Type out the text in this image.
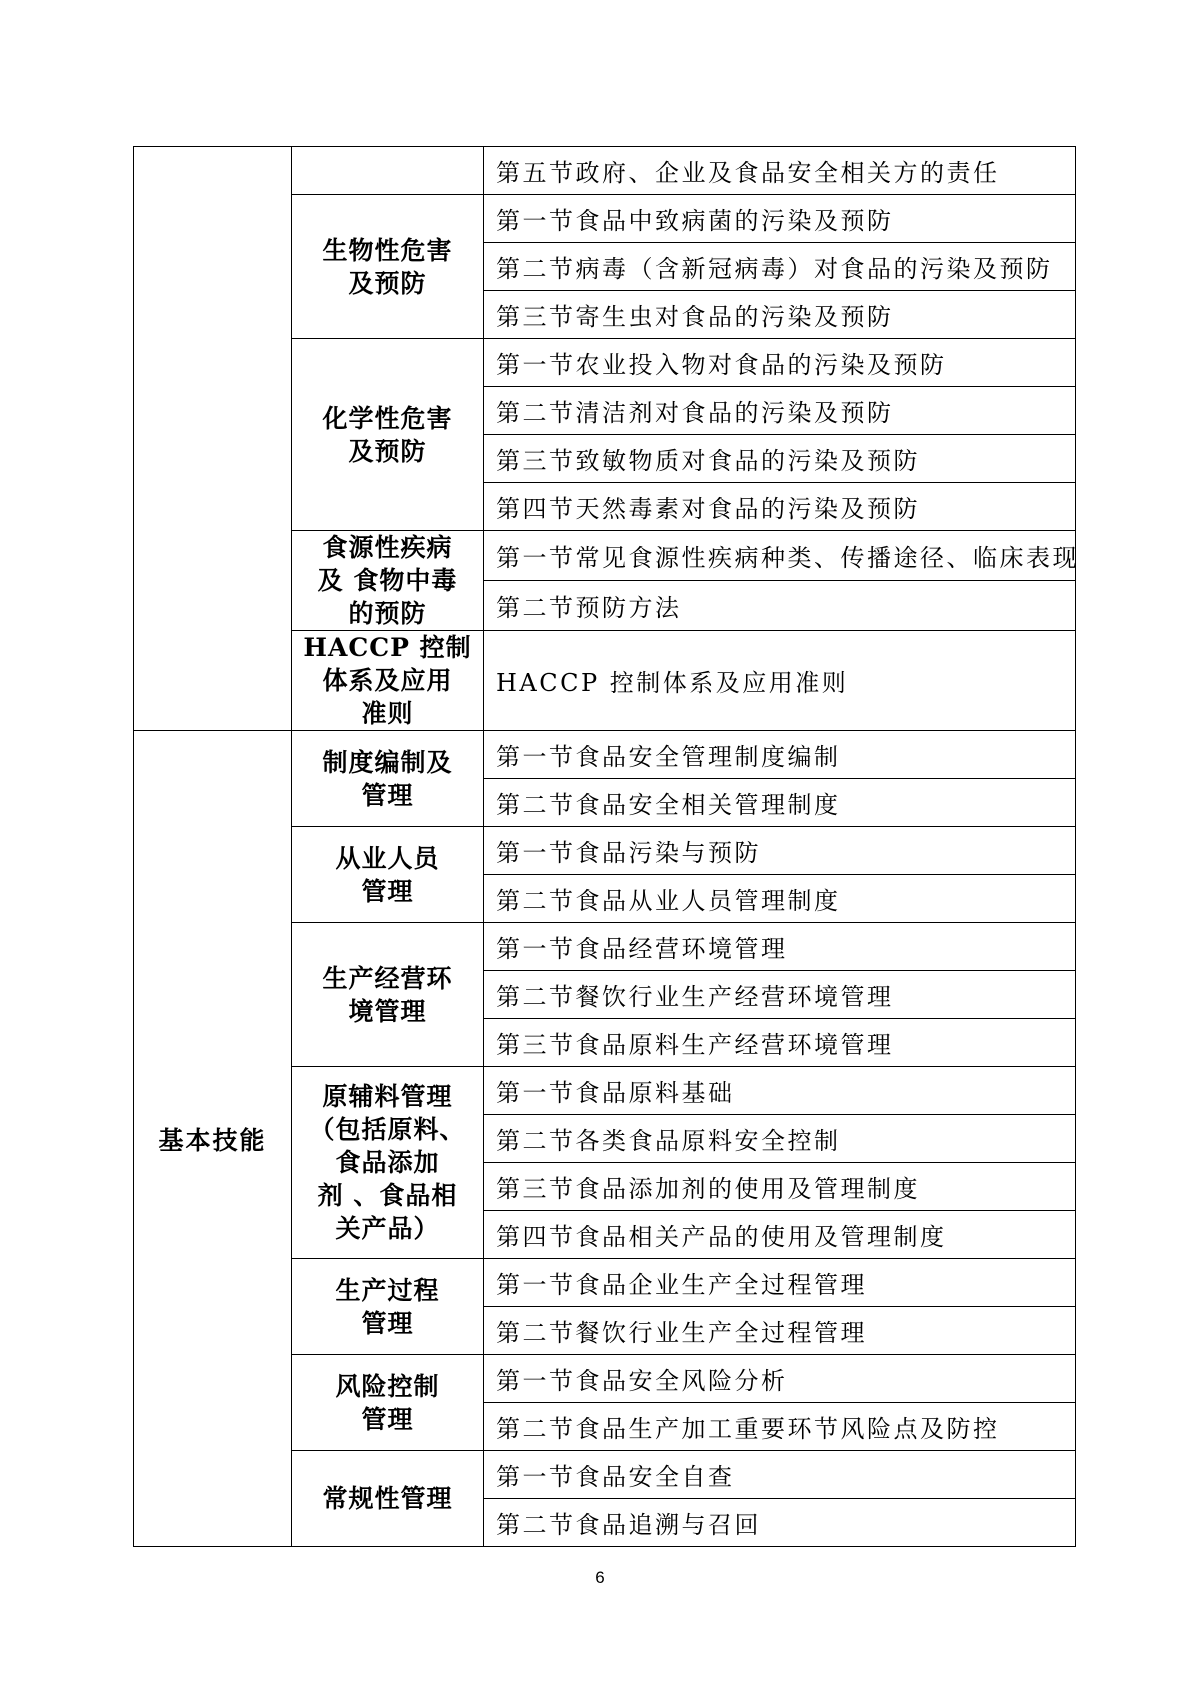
		第五节政府、企业及食品安全相关方的责任

	生物性危害
及预防	第一节食品中致病菌的污染及预防
		第二节病毒（含新冠病毒）对食品的污染及预防
		第三节寄生虫对食品的污染及预防

	化学性危害
及预防	第一节农业投入物对食品的污染及预防
		第二节清洁剂对食品的污染及预防
		第三节致敏物质对食品的污染及预防
		第四节天然毒素对食品的污染及预防

	食源性疾病
及 食物中毒
的预防	第一节常见食源性疾病种类、传播途径、临床表现
		第二节预防方法

	HACCP 控制
体系及应用
准则	HACCP 控制体系及应用准则
基本技能	制度编制及
管理	第一节食品安全管理制度编制
		第二节食品安全相关管理制度

	从业人员
管理	第一节食品污染与预防
		第二节食品从业人员管理制度

	生产经营环
境管理	第一节食品经营环境管理
		第二节餐饮行业生产经营环境管理
		第三节食品原料生产经营环境管理

	原辅料管理
（包括原料、
食品添加
剂 、食品相
关产品）	第一节食品原料基础
		第二节各类食品原料安全控制
		第三节食品添加剂的使用及管理制度
		第四节食品相关产品的使用及管理制度

	生产过程
管理	第一节食品企业生产全过程管理
		第二节餐饮行业生产全过程管理

	风险控制
管理	第一节食品安全风险分析
		第二节食品生产加工重要环节风险点及防控

	常规性管理	第一节食品安全自查
		第二节食品追溯与召回
6
